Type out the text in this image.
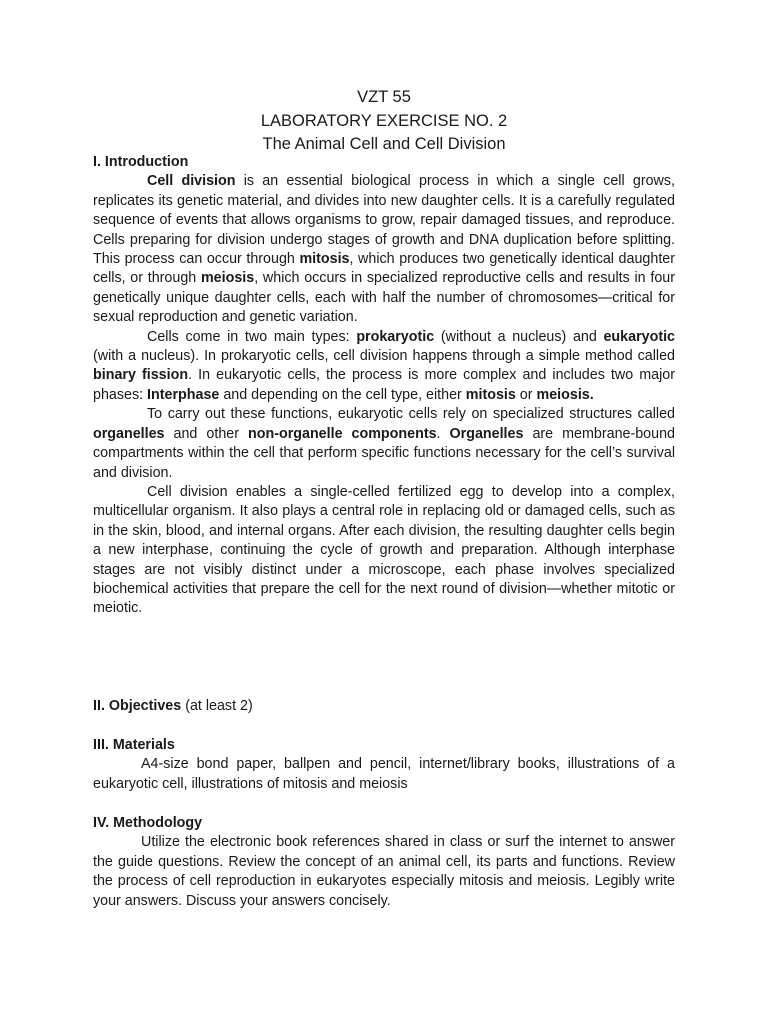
VZT 55

LABORATORY EXERCISE NO. 2

The Animal Cell and Cell Division

I. Introduction

Cell division is an essential biological process in which a single cell grows, replicates its genetic material, and divides into new daughter cells. It is a carefully regulated sequence of events that allows organisms to grow, repair damaged tissues, and reproduce. Cells preparing for division undergo stages of growth and DNA duplication before splitting. This process can occur through mitosis, which produces two genetically identical daughter cells, or through meiosis, which occurs in specialized reproductive cells and results in four genetically unique daughter cells, each with half the number of chromosomes—critical for sexual reproduction and genetic variation.

Cells come in two main types: prokaryotic (without a nucleus) and eukaryotic (with a nucleus). In prokaryotic cells, cell division happens through a simple method called binary fission. In eukaryotic cells, the process is more complex and includes two major phases: Interphase and depending on the cell type, either mitosis or meiosis.

To carry out these functions, eukaryotic cells rely on specialized structures called organelles and other non-organelle components. Organelles are membrane-bound compartments within the cell that perform specific functions necessary for the cell’s survival and division.

Cell division enables a single-celled fertilized egg to develop into a complex, multicellular organism. It also plays a central role in replacing old or damaged cells, such as in the skin, blood, and internal organs. After each division, the resulting daughter cells begin a new interphase, continuing the cycle of growth and preparation. Although interphase stages are not visibly distinct under a microscope, each phase involves specialized biochemical activities that prepare the cell for the next round of division—whether mitotic or meiotic.

II. Objectives (at least 2)

III. Materials

A4-size bond paper, ballpen and pencil, internet/library books, illustrations of a eukaryotic cell, illustrations of mitosis and meiosis

IV. Methodology

Utilize the electronic book references shared in class or surf the internet to answer the guide questions. Review the concept of an animal cell, its parts and functions. Review the process of cell reproduction in eukaryotes especially mitosis and meiosis. Legibly write your answers. Discuss your answers concisely.
